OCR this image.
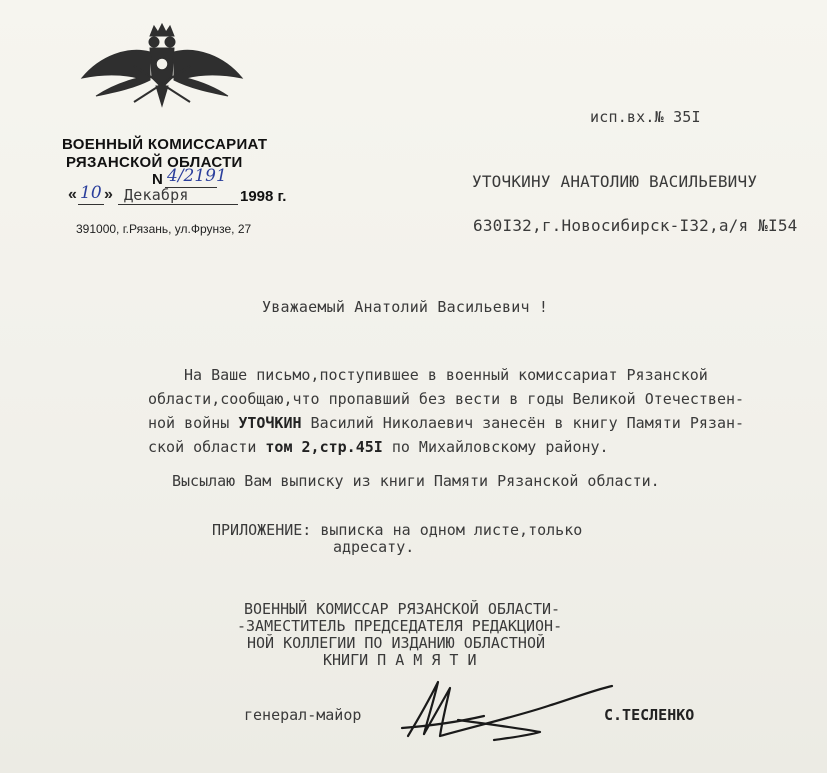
ВОЕННЫЙ КОМИССАРИАТ
РЯЗАНСКОЙ ОБЛАСТИ
N 4/2191
« 10 » Декабря	1998 г.
391000, г.Рязань, ул.Фрунзе, 27
исп.вх.№ 35I
УТОЧКИНУ АНАТОЛИЮ ВАСИЛЬЕВИЧУ
630I32,г.Новосибирск-I32,а/я №I54
Уважаемый Анатолий Васильевич !
На Ваше письмо,поступившее в военный комиссариат Рязанской
области,сообщаю,что пропавший без вести в годы Великой Отечествен-
ной войны УТОЧКИН Василий Николаевич занесён в книгу Памяти Рязан-
ской области том 2,стр.45I по Михайловскому району.
Высылаю Вам выписку из книги Памяти Рязанской области.
ПРИЛОЖЕНИЕ: выписка на одном листе,только
адресату.
ВОЕННЫЙ КОМИССАР РЯЗАНСКОЙ ОБЛАСТИ-
-ЗАМЕСТИТЕЛЬ ПРЕДСЕДАТЕЛЯ РЕДАКЦИОН-
НОЙ КОЛЛЕГИИ ПО ИЗДАНИЮ ОБЛАСТНОЙ
КНИГИ П А М Я Т И
генерал-майор	С.ТЕСЛЕНКО
